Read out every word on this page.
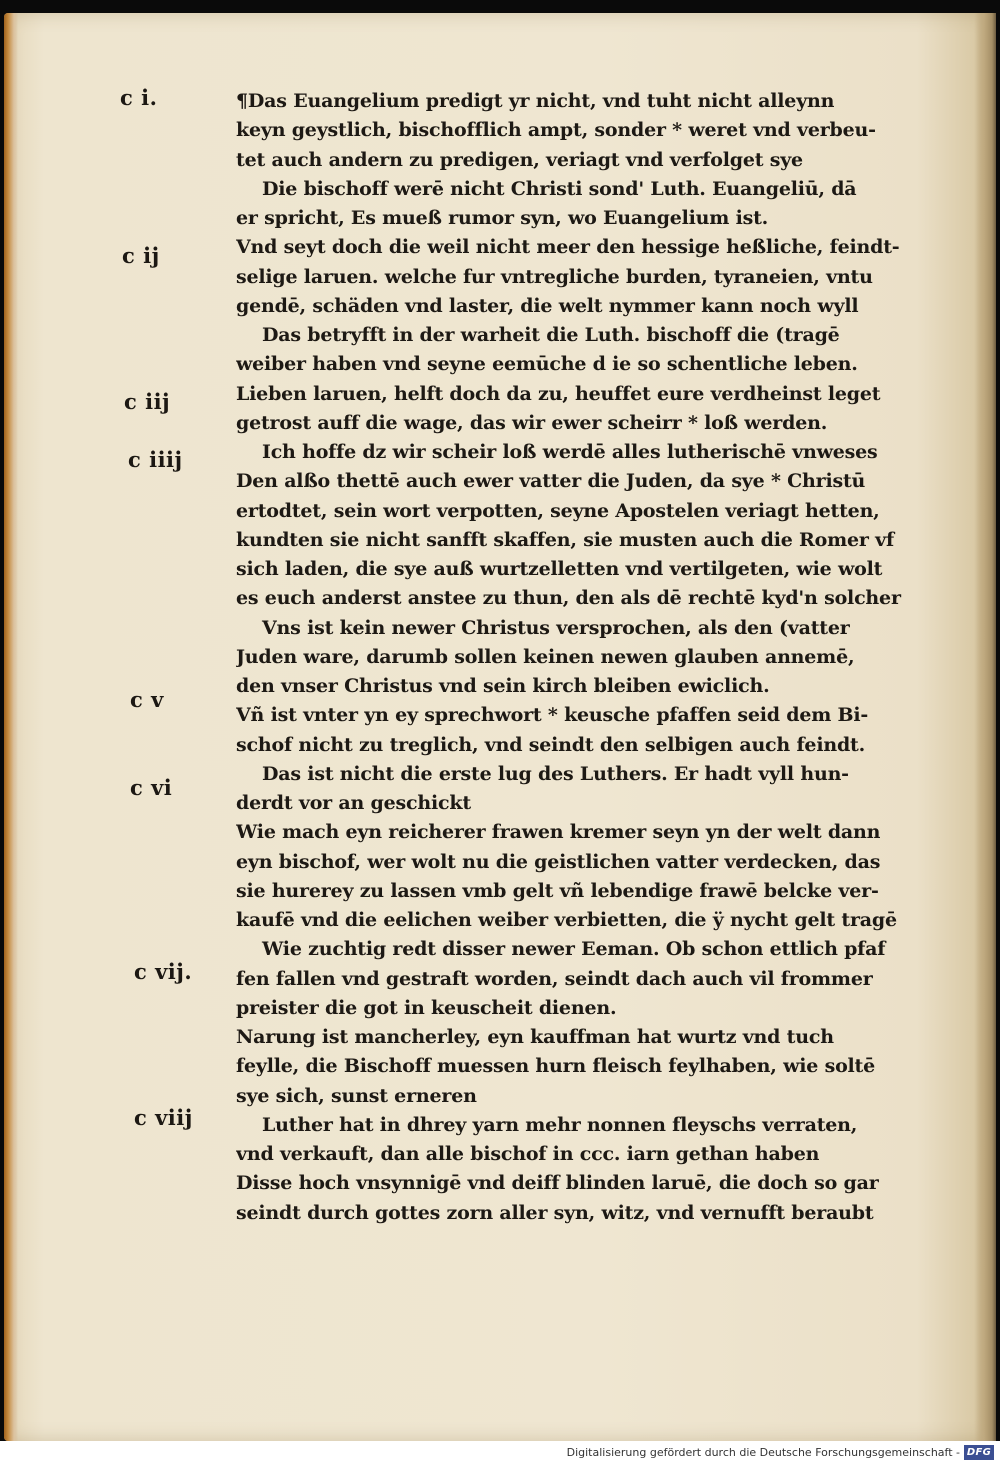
c i.
c ij
c iij
c iiij
c v
c vi
c vij.
c viij
¶Das Euangelium predigt yr nicht, vnd tuht nicht alleynn
keyn geystlich, bischofflich ampt, sonder * weret vnd verbeu-
tet auch andern zu predigen, veriagt vnd verfolget sye
Die bischoff werē nicht Christi sond' Luth. Euangeliū, dā
er spricht, Es mueß rumor syn, wo Euangelium ist.
Vnd seyt doch die weil nicht meer den hessige heßliche, feindt-
selige laruen. welche fur vntregliche burden, tyraneien, vntu
gendē, schäden vnd laster, die welt nymmer kann noch wyll
Das betryfft in der warheit die Luth. bischoff die (tragē
weiber haben vnd seyne eemūche d ie so schentliche leben.
Lieben laruen, helft doch da zu, heuffet eure verdheinst leget
getrost auff die wage, das wir ewer scheirr * loß werden.
Ich hoffe dz wir scheir loß werdē alles lutherischē vnweses
Den alßo thettē auch ewer vatter die Juden, da sye * Christū
ertodtet, sein wort verpotten, seyne Apostelen veriagt hetten,
kundten sie nicht sanfft skaffen, sie musten auch die Romer vf
sich laden, die sye auß wurtzelletten vnd vertilgeten, wie wolt
es euch anderst anstee zu thun, den als dē rechtē kyd'n solcher
Vns ist kein newer Christus versprochen, als den (vatter
Juden ware, darumb sollen keinen newen glauben annemē,
den vnser Christus vnd sein kirch bleiben ewiclich.
Vñ ist vnter yn ey sprechwort * keusche pfaffen seid dem Bi-
schof nicht zu treglich, vnd seindt den selbigen auch feindt.
Das ist nicht die erste lug des Luthers. Er hadt vyll hun-
derdt vor an geschickt
Wie mach eyn reicherer frawen kremer seyn yn der welt dann
eyn bischof, wer wolt nu die geistlichen vatter verdecken, das
sie hurerey zu lassen vmb gelt vñ lebendige frawē belcke ver-
kaufē vnd die eelichen weiber verbietten, die ÿ nycht gelt tragē
Wie zuchtig redt disser newer Eeman. Ob schon ettlich pfaf
fen fallen vnd gestraft worden, seindt dach auch vil frommer
preister die got in keuscheit dienen.
Narung ist mancherley, eyn kauffman hat wurtz vnd tuch
feylle, die Bischoff muessen hurn fleisch feylhaben, wie soltē
sye sich, sunst erneren
Luther hat in dhrey yarn mehr nonnen fleyschs verraten,
vnd verkauft, dan alle bischof in ccc. iarn gethan haben
Disse hoch vnsynnigē vnd deiff blinden laruē, die doch so gar
seindt durch gottes zorn aller syn, witz, vnd vernufft beraubt
Digitalisierung gefördert durch die Deutsche Forschungsgemeinschaft - DFG
